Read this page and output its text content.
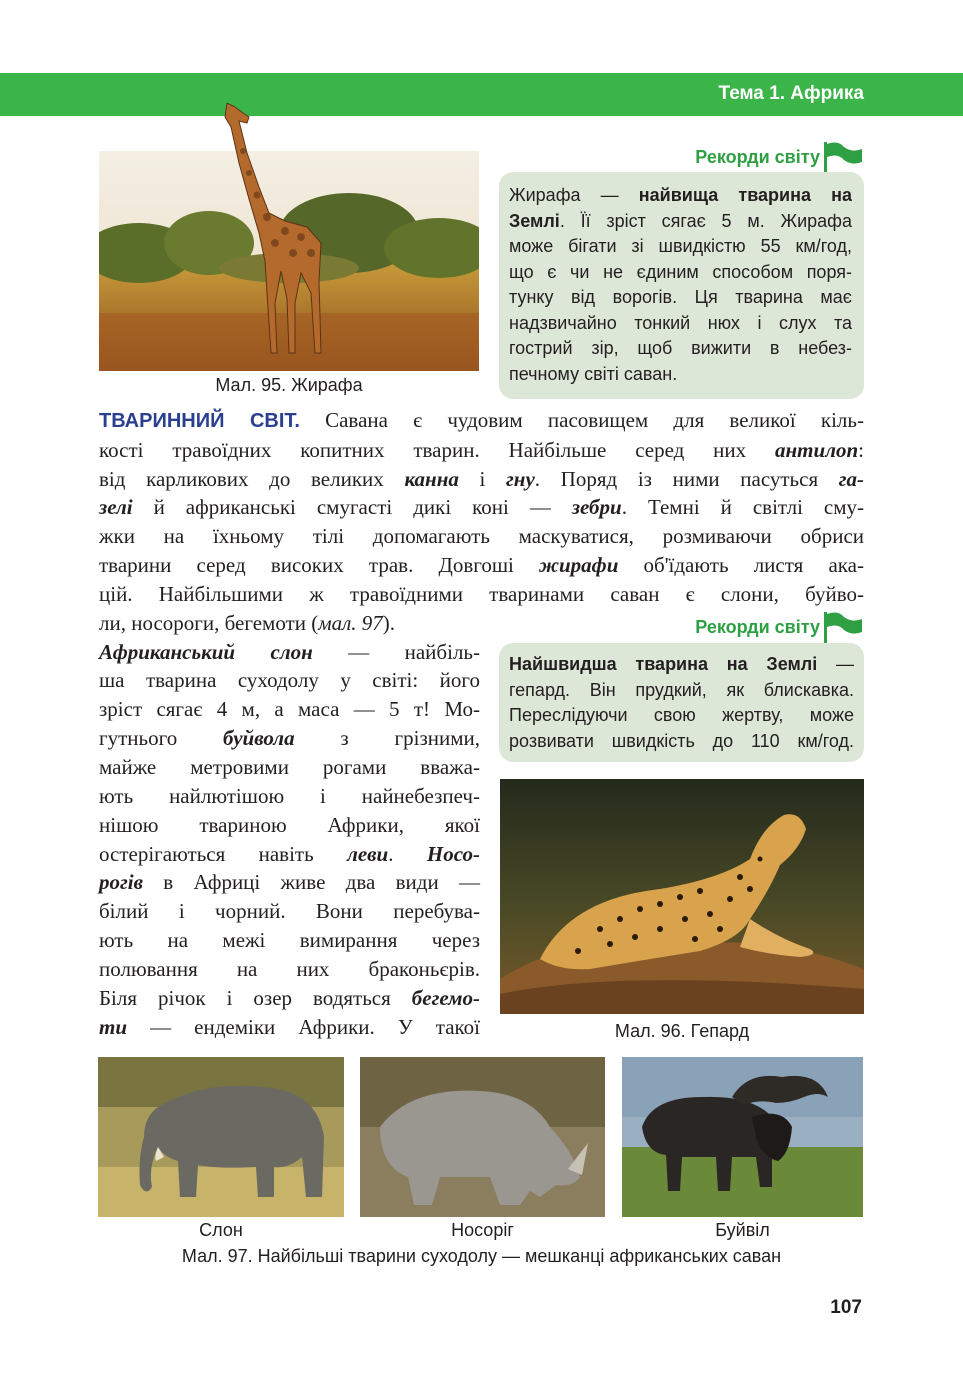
Тема 1. Африка
Мал. 95. Жирафа
Рекорди світу
Жирафа — найвища тварина на
Землі. Її зріст сягає 5 м. Жирафа
може бігати зі швидкістю 55 км/год,
що є чи не єдиним способом поря-
тунку від ворогів. Ця тварина має
надзвичайно тонкий нюх і слух та
гострий зір, щоб вижити в небез-
печному світі саван.
ТВАРИННИЙ СВІТ. Савана є чудовим пасовищем для великої кіль-
кості травоїдних копитних тварин. Найбільше серед них антилоп:
від карликових до великих канна і гну. Поряд із ними пасуться га-
зелі й африканські смугасті дикі коні — зебри. Темні й світлі сму-
жки на їхньому тілі допомагають маскуватися, розмиваючи обриси
тварини серед високих трав. Довгоші жирафи об'їдають листя ака-
цій. Найбільшими ж травоїдними тваринами саван є слони, буйво-
ли, носороги, бегемоти (мал. 97).
Африканський слон — найбіль-
ша тварина суходолу у світі: його
зріст сягає 4 м, а маса — 5 т! Мо-
гутнього буйвола з грізними,
майже метровими рогами вважа-
ють найлютішою і найнебезпеч-
нішою твариною Африки, якої
остерігаються навіть леви. Носо-
рогів в Африці живе два види —
білий і чорний. Вони перебува-
ють на межі вимирання через
полювання на них браконьєрів.
Біля річок і озер водяться бегемо-
ти — ендеміки Африки. У такої
Рекорди світу
Найшвидша тварина на Землі —
гепард. Він прудкий, як блискавка.
Переслідуючи свою жертву, може
розвивати швидкість до 110 км/год.
Мал. 96. Гепард
Слон	Носоріг	Буйвіл
Мал. 97. Найбільші тварини суходолу — мешканці африканських саван
107
